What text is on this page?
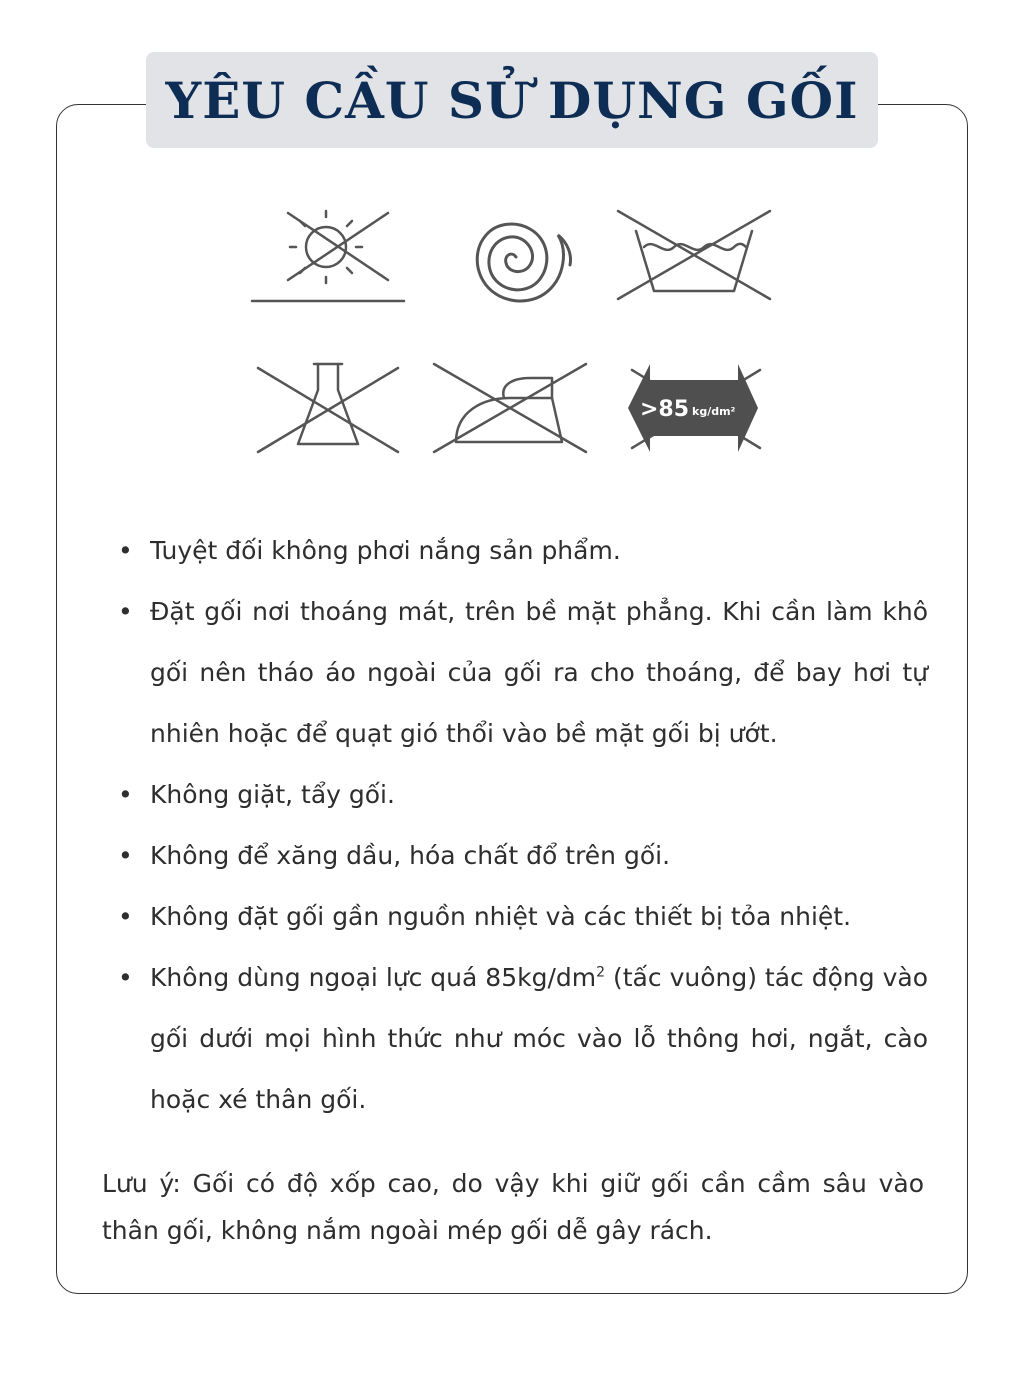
YÊU CẦU SỬ DỤNG GỐI
>85 kg/dm²
• Tuyệt đối không phơi nắng sản phẩm.
• Đặt gối nơi thoáng mát, trên bề mặt phẳng. Khi cần làm khô gối nên tháo áo ngoài của gối ra cho thoáng, để bay hơi tự nhiên hoặc để quạt gió thổi vào bề mặt gối bị ướt.
• Không giặt, tẩy gối.
• Không để xăng dầu, hóa chất đổ trên gối.
• Không đặt gối gần nguồn nhiệt và các thiết bị tỏa nhiệt.
• Không dùng ngoại lực quá $85kg/dm^2$ (tấc vuông) tác động vào gối dưới mọi hình thức như móc vào lỗ thông hơi, ngắt, cào hoặc xé thân gối.
Lưu ý: Gối có độ xốp cao, do vậy khi giữ gối cần cầm sâu vào thân gối, không nắm ngoài mép gối dễ gây rách.
